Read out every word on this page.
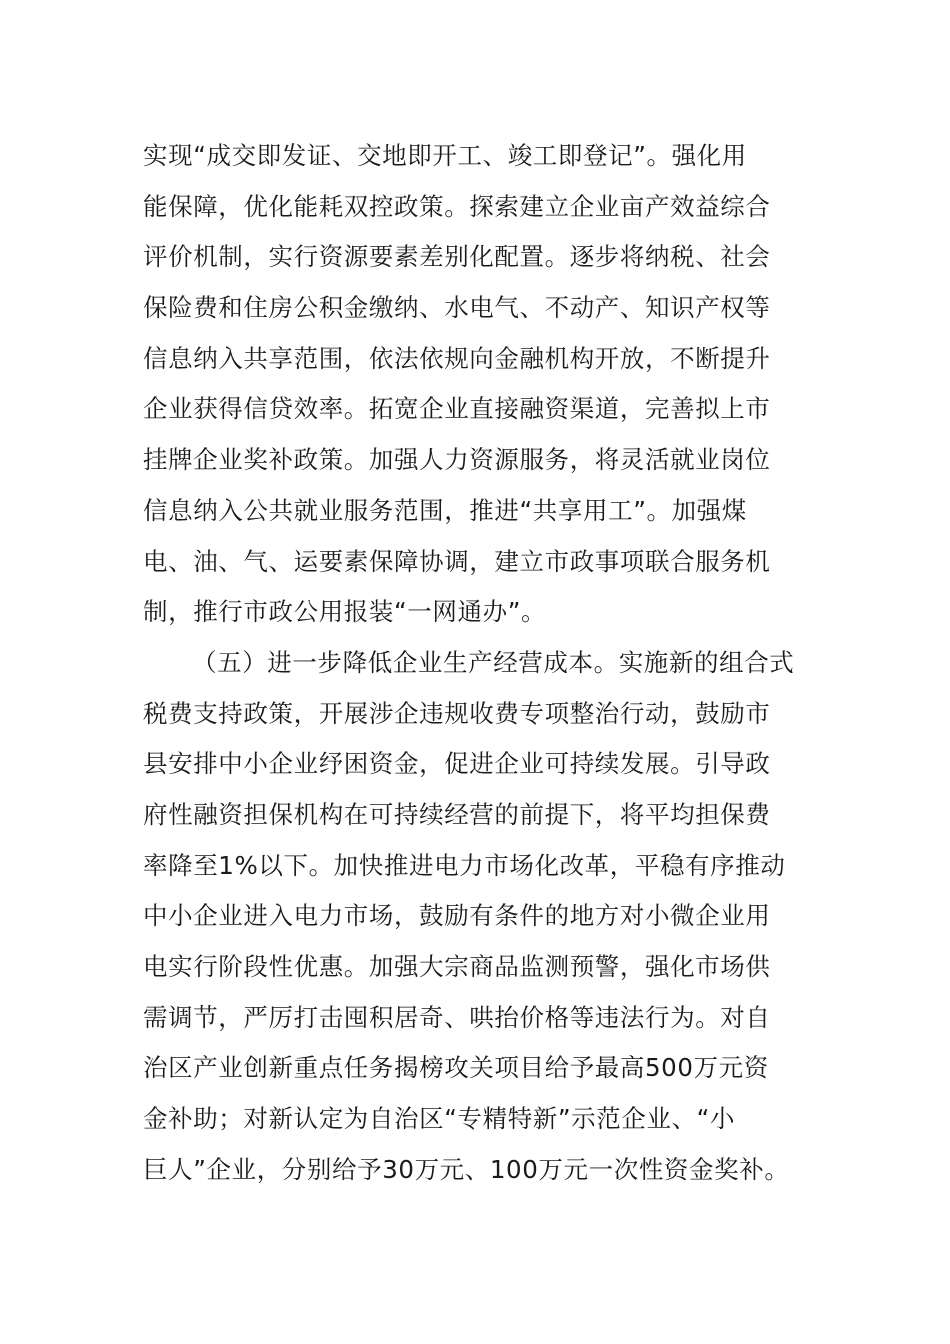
实现“成交即发证、交地即开工、竣工即登记”。强化用
能保障，优化能耗双控政策。探索建立企业亩产效益综合
评价机制，实行资源要素差别化配置。逐步将纳税、社会
保险费和住房公积金缴纳、水电气、不动产、知识产权等
信息纳入共享范围，依法依规向金融机构开放，不断提升
企业获得信贷效率。拓宽企业直接融资渠道，完善拟上市
挂牌企业奖补政策。加强人力资源服务，将灵活就业岗位
信息纳入公共就业服务范围，推进“共享用工”。加强煤
电、油、气、运要素保障协调，建立市政事项联合服务机
制，推行市政公用报装“一网通办”。
（五）进一步降低企业生产经营成本。实施新的组合式
税费支持政策，开展涉企违规收费专项整治行动，鼓励市
县安排中小企业纾困资金，促进企业可持续发展。引导政
府性融资担保机构在可持续经营的前提下，将平均担保费
率降至1%以下。加快推进电力市场化改革，平稳有序推动
中小企业进入电力市场，鼓励有条件的地方对小微企业用
电实行阶段性优惠。加强大宗商品监测预警，强化市场供
需调节，严厉打击囤积居奇、哄抬价格等违法行为。对自
治区产业创新重点任务揭榜攻关项目给予最高500万元资
金补助；对新认定为自治区“专精特新”示范企业、“小
巨人”企业，分别给予30万元、100万元一次性资金奖补。
